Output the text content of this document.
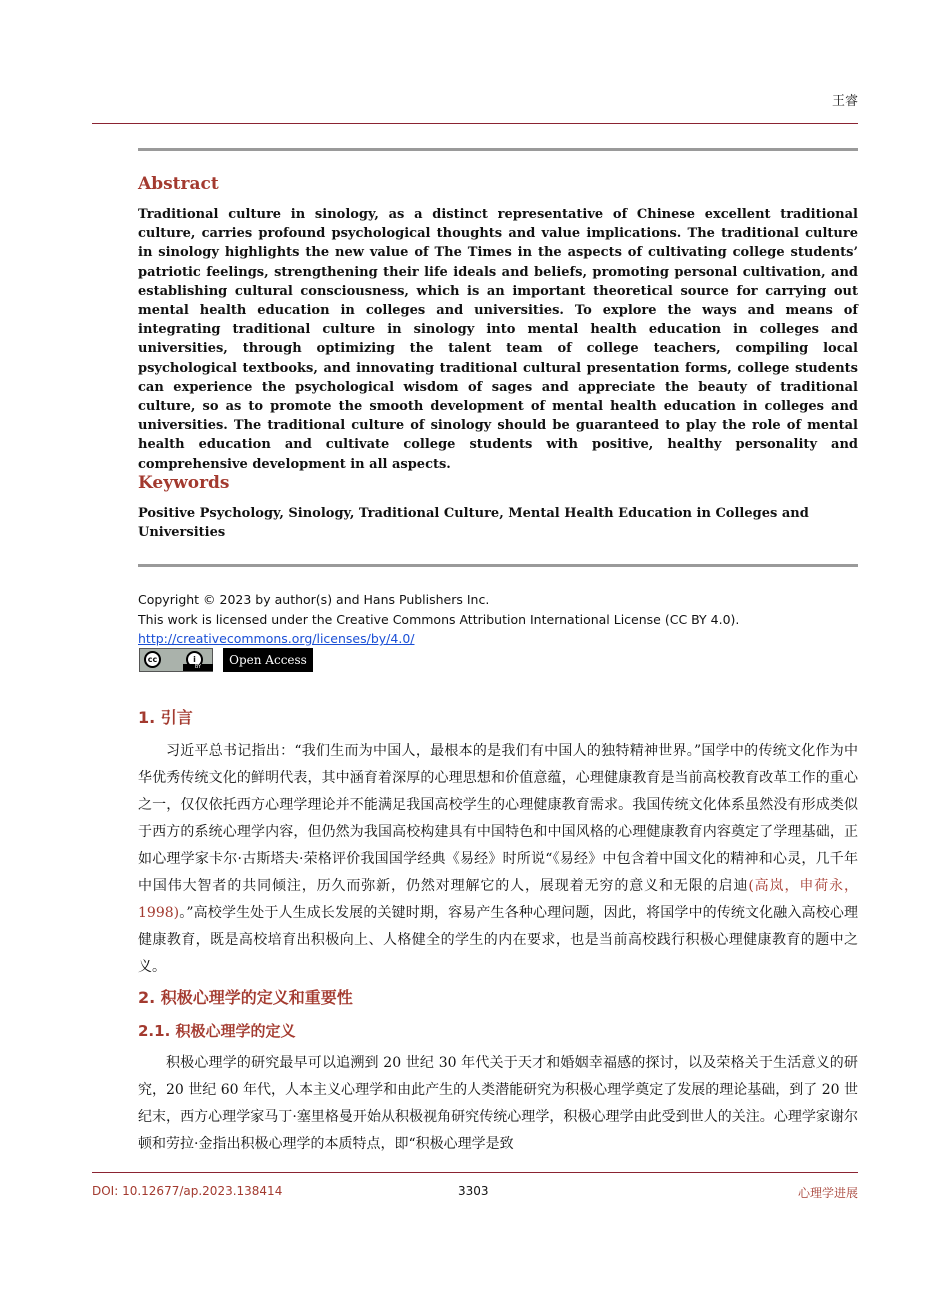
王睿
Abstract

Traditional culture in sinology, as a distinct representative of Chinese excellent traditional culture, carries profound psychological thoughts and value implications. The traditional culture in sinology highlights the new value of The Times in the aspects of cultivating college students’ patriotic feelings, strengthening their life ideals and beliefs, promoting personal cultivation, and establishing cultural consciousness, which is an important theoretical source for carrying out mental health education in colleges and universities. To explore the ways and means of integrating traditional culture in sinology into mental health education in colleges and universities, through optimizing the talent team of college teachers, compiling local psychological textbooks, and innovating traditional cultural presentation forms, college students can experience the psychological wisdom of sages and appreciate the beauty of traditional culture, so as to promote the smooth development of mental health education in colleges and universities. The traditional culture of sinology should be guaranteed to play the role of mental health education and cultivate college students with positive, healthy personality and comprehensive development in all aspects.

Keywords

Positive Psychology, Sinology, Traditional Culture, Mental Health Education in Colleges and Universities

Copyright © 2023 by author(s) and Hans Publishers Inc.
This work is licensed under the Creative Commons Attribution International License (CC BY 4.0).
http://creativecommons.org/licenses/by/4.0/
cc	i
BY	Open Access
1. 引言

习近平总书记指出：“我们生而为中国人，最根本的是我们有中国人的独特精神世界。”国学中的传统文化作为中华优秀传统文化的鲜明代表，其中涵育着深厚的心理思想和价值意蕴，心理健康教育是当前高校教育改革工作的重心之一，仅仅依托西方心理学理论并不能满足我国高校学生的心理健康教育需求。我国传统文化体系虽然没有形成类似于西方的系统心理学内容，但仍然为我国高校构建具有中国特色和中国风格的心理健康教育内容奠定了学理基础，正如心理学家卡尔·古斯塔夫·荣格评价我国国学经典《易经》时所说“《易经》中包含着中国文化的精神和心灵，几千年中国伟大智者的共同倾注，历久而弥新，仍然对理解它的人，展现着无穷的意义和无限的启迪(高岚，申荷永，1998)。”高校学生处于人生成长发展的关键时期，容易产生各种心理问题，因此，将国学中的传统文化融入高校心理健康教育，既是高校培育出积极向上、人格健全的学生的内在要求，也是当前高校践行积极心理健康教育的题中之义。

2. 积极心理学的定义和重要性
2.1. 积极心理学的定义

积极心理学的研究最早可以追溯到 20 世纪 30 年代关于天才和婚姻幸福感的探讨，以及荣格关于生活意义的研究，20 世纪 60 年代，人本主义心理学和由此产生的人类潜能研究为积极心理学奠定了发展的理论基础，到了 20 世纪末，西方心理学家马丁·塞里格曼开始从积极视角研究传统心理学，积极心理学由此受到世人的关注。心理学家谢尔顿和劳拉·金指出积极心理学的本质特点，即“积极心理学是致

DOI: 10.12677/ap.2023.138414	3303	心理学进展
